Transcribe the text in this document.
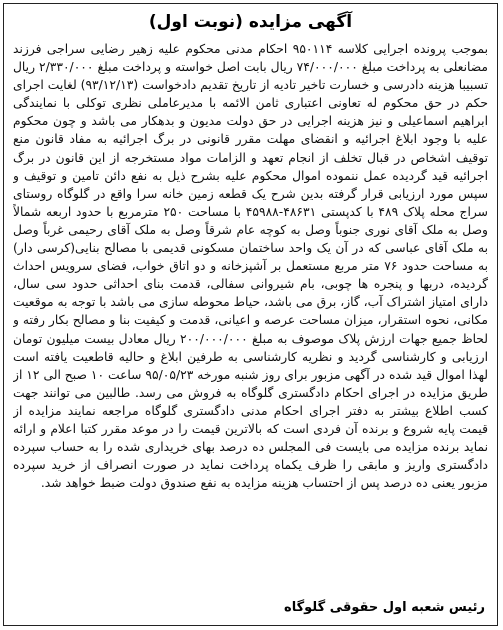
آگهی مزایده (نوبت اول)
بموجب پرونده اجرایی کلاسه ۹۵۰۱۱۴ احکام مدنی محکوم علیه زهیر رضایی سراجی فرزند مضانعلی به پرداخت مبلغ ۷۴/۰۰۰/۰۰۰ ریال بابت اصل خواسته و پرداخت مبلغ ۲/۳۳۰/۰۰۰ ریال تسبیبا هزینه دادرسی و خسارت تاخیر تادیه از تاریخ تقدیم دادخواست (۹۳/۱۲/۱۳) لغایت اجرای حکم در حق محکوم له تعاونی اعتباری ثامن الائمه با مدیرعاملی نظری توکلی با نمایندگی ابراهیم اسماعیلی و نیز هزینه اجرایی در حق دولت مدیون و بدهکار می باشد و چون محکوم علیه با وجود ابلاغ اجرائیه و انقضای مهلت مقرر قانونی در برگ اجرائیه به مفاد قانون منع توقیف اشخاص در قبال تخلف از انجام تعهد و الزامات مواد مستخرجه از این قانون در برگ اجرائیه قید گردیده عمل ننموده اموال محکوم علیه بشرح ذیل به نفع دائن تامین و توقیف و سپس مورد ارزیابی قرار گرفته بدین شرح یک قطعه زمین خانه سرا واقع در گلوگاه روستای سراج محله پلاک ۴۸۹ با کدپستی ۴۸۶۳۱-۴۵۹۸۸ با مساحت ۲۵۰ مترمربع با حدود اربعه شمالاً وصل به ملک آقای نوری جنوباً وصل به کوچه عام شرقاً وصل به ملک آقای رحیمی غرباً وصل به ملک آقای عباسی که در آن یک واحد ساختمان مسکونی قدیمی با مصالح بنایی(کرسی دار) به مساحت حدود ۷۶ متر مربع مستعمل بر آشپزخانه و دو اتاق خواب، فضای سرویس احداث گردیده، دربها و پنجره ها چوبی، بام شیروانی سفالی، قدمت بنای احداثی حدود سی سال، دارای امتیاز اشتراک آب، گاز، برق می باشد، حیاط محوطه سازی می باشد با توجه به موقعیت مکانی، نحوه استقرار، میزان مساحت عرصه و اعیانی، قدمت و کیفیت بنا و مصالح بکار رفته و لحاظ جمیع جهات ارزش پلاک موصوف به مبلغ ۲۰۰/۰۰۰/۰۰۰ ریال معادل بیست میلیون تومان ارزیابی و کارشناسی گردید و نظریه کارشناسی به طرفین ابلاغ و حالیه قاطعیت یافته است لهذا اموال قید شده در آگهی مزبور برای روز شنبه مورخه ۹۵/۰۵/۲۳ ساعت ۱۰ صبح الی ۱۲ از طریق مزایده در اجرای احکام دادگستری گلوگاه به فروش می رسد. طالبین می توانند جهت کسب اطلاع بیشتر به دفتر اجرای احکام مدنی دادگستری گلوگاه مراجعه نمایند مزایده از قیمت پایه شروع و برنده آن فردی است که بالاترین قیمت را در موعد مقرر کتبا اعلام و ارائه نماید برنده مزایده می بایست فی المجلس ده درصد بهای خریداری شده را به حساب سپرده دادگستری واریز و مابقی را ظرف یکماه پرداخت نماید در صورت انصراف از خرید سپرده مزبور یعنی ده درصد پس از احتساب هزینه مزایده به نفع صندوق دولت ضبط خواهد شد.
رئیس شعبه اول حقوقی گلوگاه
